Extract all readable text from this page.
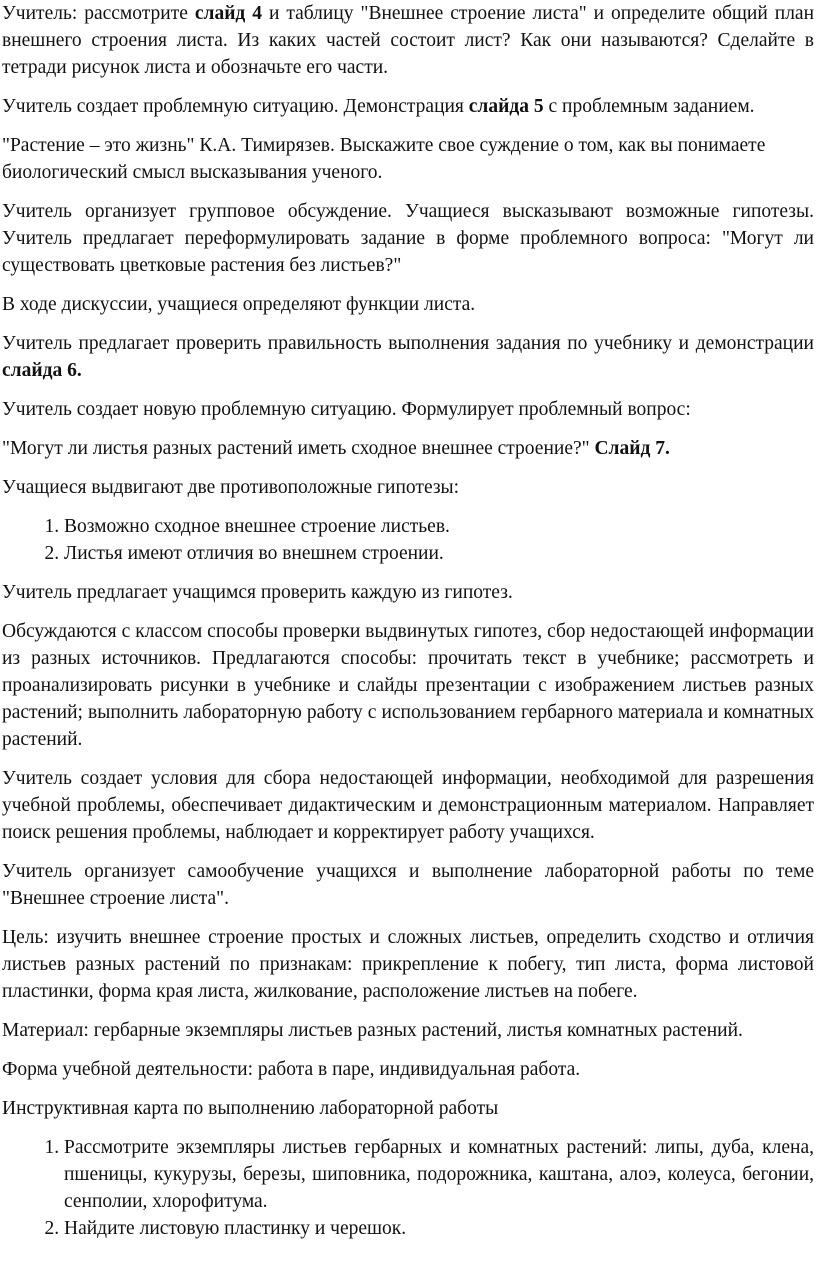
Учитель: рассмотрите слайд 4 и таблицу "Внешнее строение листа" и определите общий план внешнего строения листа. Из каких частей состоит лист? Как они называются? Сделайте в тетради рисунок листа и обозначьте его части.

Учитель создает проблемную ситуацию. Демонстрация слайда 5 с проблемным заданием.

"Растение – это жизнь" К.А. Тимирязев. Выскажите свое суждение о том, как вы понимаете биологический смысл высказывания ученого.

Учитель организует групповое обсуждение. Учащиеся высказывают возможные гипотезы. Учитель предлагает переформулировать задание в форме проблемного вопроса: "Могут ли существовать цветковые растения без листьев?"

В ходе дискуссии, учащиеся определяют функции листа.

Учитель предлагает проверить правильность выполнения задания по учебнику и демонстрации слайда 6.

Учитель создает новую проблемную ситуацию. Формулирует проблемный вопрос:

"Могут ли листья разных растений иметь сходное внешнее строение?" Слайд 7.

Учащиеся выдвигают две противоположные гипотезы:

1. Возможно сходное внешнее строение листьев.
2. Листья имеют отличия во внешнем строении.

Учитель предлагает учащимся проверить каждую из гипотез.

Обсуждаются с классом способы проверки выдвинутых гипотез, сбор недостающей информации из разных источников. Предлагаются способы: прочитать текст в учебнике; рассмотреть и проанализировать рисунки в учебнике и слайды презентации с изображением листьев разных растений; выполнить лабораторную работу с использованием гербарного материала и комнатных растений.

Учитель создает условия для сбора недостающей информации, необходимой для разрешения учебной проблемы, обеспечивает дидактическим и демонстрационным материалом. Направляет поиск решения проблемы, наблюдает и корректирует работу учащихся.

Учитель организует самообучение учащихся и выполнение лабораторной работы по теме "Внешнее строение листа".

Цель: изучить внешнее строение простых и сложных листьев, определить сходство и отличия листьев разных растений по признакам: прикрепление к побегу, тип листа, форма листовой пластинки, форма края листа, жилкование, расположение листьев на побеге.

Материал: гербарные экземпляры листьев разных растений, листья комнатных растений.

Форма учебной деятельности: работа в паре, индивидуальная работа.

Инструктивная карта по выполнению лабораторной работы

1. Рассмотрите экземпляры листьев гербарных и комнатных растений: липы, дуба, клена, пшеницы, кукурузы, березы, шиповника, подорожника, каштана, алоэ, колеуса, бегонии, сенполии, хлорофитума.
2. Найдите листовую пластинку и черешок.
